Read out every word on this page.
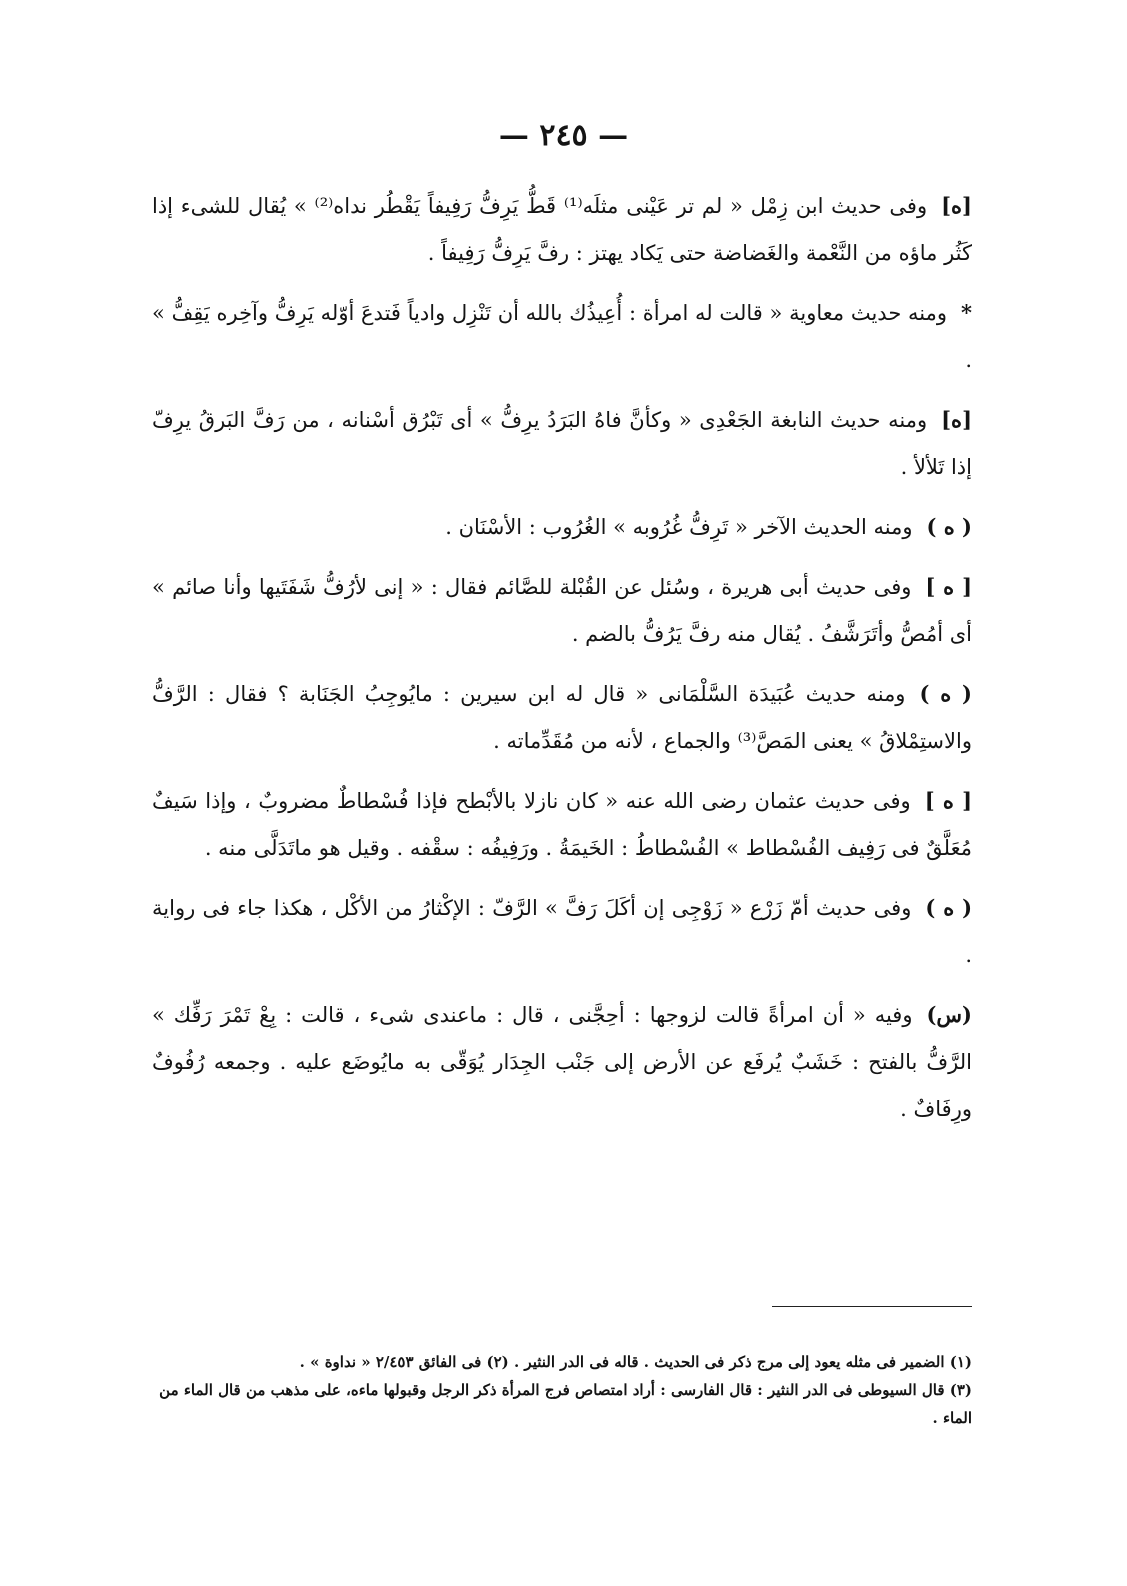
— ٢٤٥ —

[ه]وفى حديث ابن زِمْل « لم تر عَيْنى مثلَه⁽¹⁾ قَطُّ يَرِفُّ رَفِيفاً يَقْطُر نداه⁽²⁾ » يُقال للشىء إذا كَثُر ماؤه من النَّعْمة والغَضاضة حتى يَكاد يهتز : رفَّ يَرِفُّ رَفِيفاً .

*ومنه حديث معاوية « قالت له امرأة : أُعِيذُك بالله أن تَنْزِل وادياً فَتدعَ أوّله يَرِفُّ وآخِره يَقِفُّ » .

[ه]ومنه حديث النابغة الجَعْدِى « وكأنَّ فاهُ البَرَدُ يرِفُّ » أى تَبْرُق أسْنانه ، من رَفَّ البَرقُ يرِفّ إذا تَلألأ .

( ه )ومنه الحديث الآخر « تَرِفُّ غُرُوبه » الغُرُوب : الأسْنَان .

[ ه ]وفى حديث أبى هريرة ، وسُئل عن القُبْلة للصَّائم فقال : « إنى لأرُفُّ شَفَتَيها وأنا صائم » أى أمُصُّ وأتَرَشَّفُ . يُقال منه رفَّ يَرُفُّ بالضم .

( ه )ومنه حديث عُبَيدَة السَّلْمَانى « قال له ابن سيرين : مايُوجِبُ الجَنَابة ؟ فقال : الرَّفُّ والاستِمْلاقُ » يعنى المَصَّ⁽³⁾ والجماع ، لأنه من مُقَدِّماته .

[ ه ]وفى حديث عثمان رضى الله عنه « كان نازلا بالأبْطح فإذا فُسْطاطٌ مضروبٌ ، وإذا سَيفٌ مُعَلَّقٌ فى رَفِيف الفُسْطاط » الفُسْطاطُ : الخَيمَةُ . ورَفِيفُه : سقْفه . وقيل هو ماتَدَلَّى منه .

( ه )وفى حديث أمّ زَرْع « زَوْجِى إن أكَلَ رَفَّ » الرَّفّ : الإكْثارُ من الأكْل ، هكذا جاء فى رواية .

(س)وفيه « أن امرأةً قالت لزوجها : أحِجَّنى ، قال : ماعندى شىء ، قالت : بِعْ تَمْرَ رَفِّك » الرَّفُّ بالفتح : خَشَبٌ يُرفَع عن الأرض إلى جَنْب الجِدَار يُوَقّى به مايُوضَع عليه . وجمعه رُفُوفٌ ورِفَافٌ .

(١) الضمير فى مثله يعود إلى مرج ذكر فى الحديث . قاله فى الدر النثير . (٢) فى الفائق ٢/٤٥٣ « نداوة » .

(٣) قال السيوطى فى الدر النثير : قال الفارسى : أراد امتصاص فرج المرأة ذكر الرجل وقبولها ماءه، على مذهب من قال الماء من الماء .
